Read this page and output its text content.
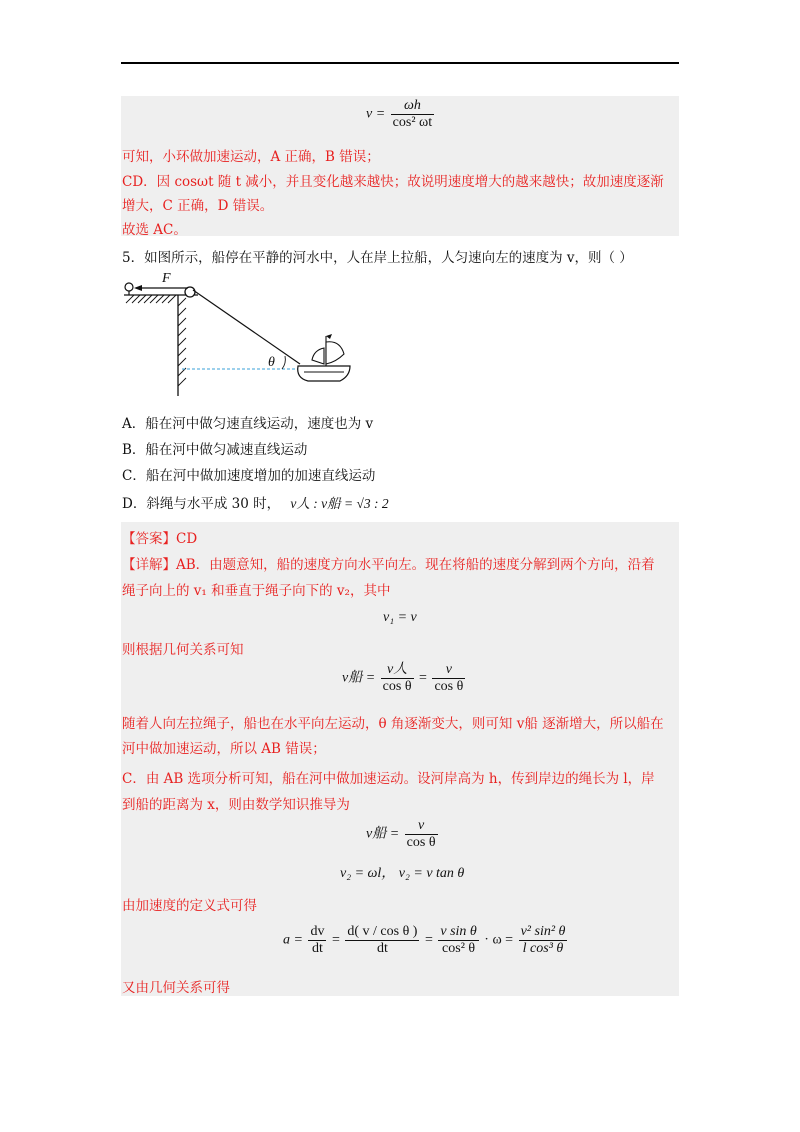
$v = \frac{\omega h}{\text{cos² ωt}}$
可知，小环做加速运动，A 正确，B 错误；
CD．因 cosωt 随 t 减小，并且变化越来越快；故说明速度增大的越来越快；故加速度逐渐
增大，C 正确，D 错误。
故选 AC。
5．如图所示，船停在平静的河水中，人在岸上拉船，人匀速向左的速度为 v，则（ ）
F
θ
A．船在河中做匀速直线运动，速度也为 v
B．船在河中做匀减速直线运动
C．船在河中做加速度增加的加速直线运动
D．斜绳与水平成 30 时， v人 : v船 = √3 : 2
【答案】CD
【详解】AB．由题意知，船的速度方向水平向左。现在将船的速度分解到两个方向，沿着
绳子向上的 v₁ 和垂直于绳子向下的 v₂，其中
v₁ = v
则根据几何关系可知
v船 = $\frac{\text{v人}}{\text{cos θ}} = \frac{v}{\text{cos θ}}$
随着人向左拉绳子，船也在水平向左运动，θ 角逐渐变大，则可知 v船 逐渐增大，所以船在
河中做加速运动，所以 AB 错误；
C．由 AB 选项分析可知，船在河中做加速运动。设河岸高为 h，传到岸边的绳长为 l，岸
到船的距离为 x，则由数学知识推导为
v船 = $\frac{v}{\text{cos θ}}$
v₂ = ωl， v₂ = v tan θ
由加速度的定义式可得
$a = \frac{dv}{dt} = \frac{\text{d( v / cos θ )}}{dt} = \frac{\text{v sin θ}}{\text{cos² θ}} \cdot \omega = \frac{\text{v² sin² θ}}{\text{l cos³ θ}}$
又由几何关系可得
